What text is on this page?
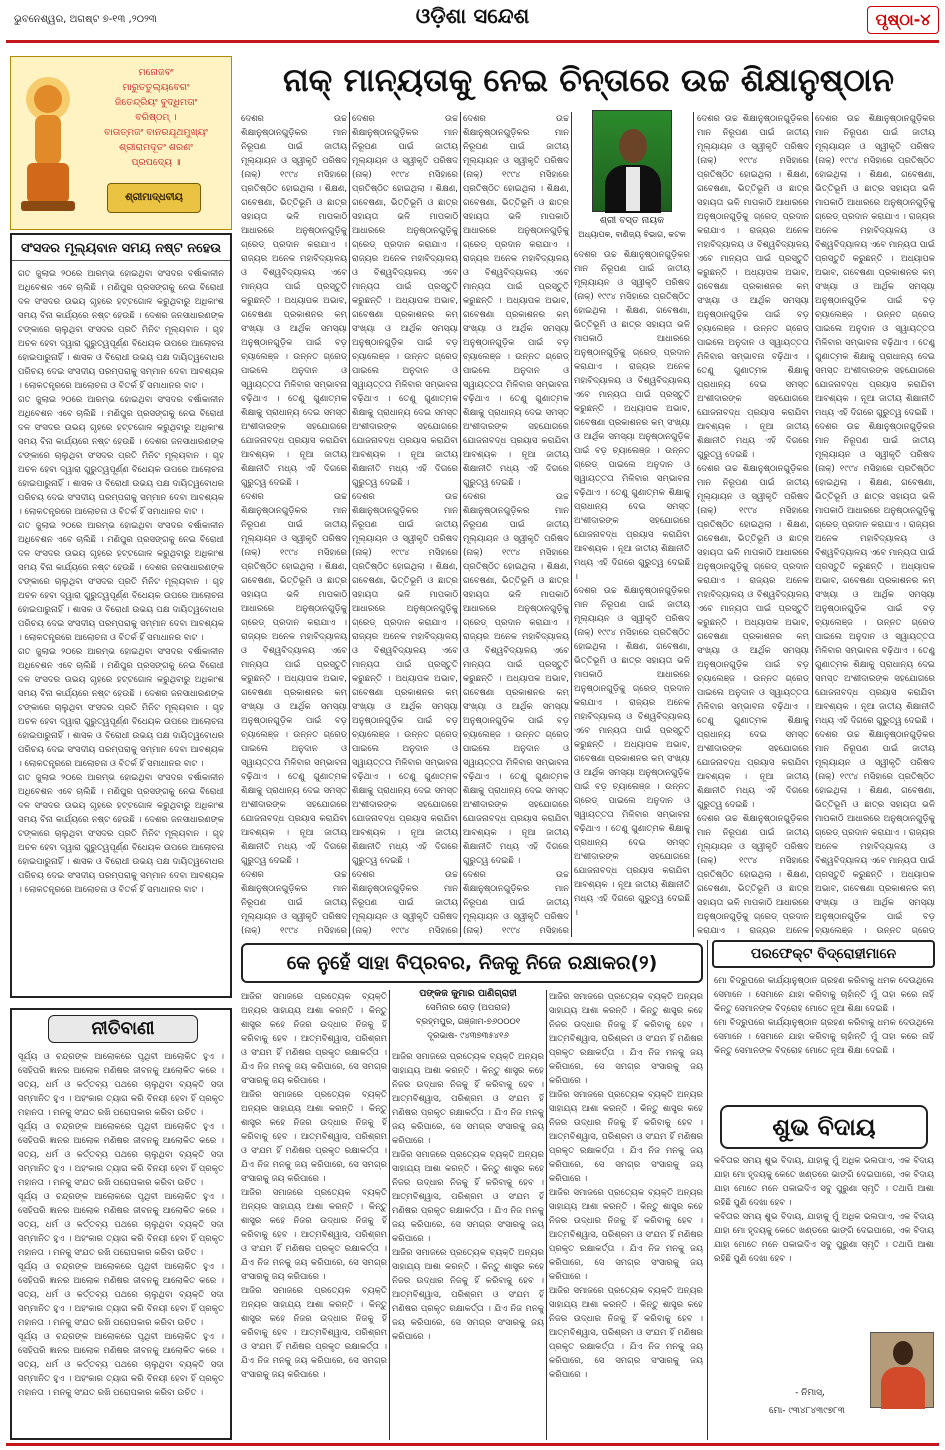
ଭୁବନେଶ୍ୱର, ଅଗଷ୍ଟ ୭-୧୩ ,୨୦୨୩	ଓଡ଼ିଶା ସନ୍ଦେଶ	ପୃଷ୍ଠା-୪
ମନୋଜବଂ
ମାରୁତତୁଲ୍ୟବେଗଂ
ଜିତେନ୍ଦ୍ରିୟଂ ବୁଦ୍ଧିମତାଂ
ବରିଷ୍ଠମ୍ ।
ବାତାତ୍ମଜଂ ବାନରଯୂଥମୁଖ୍ୟଂ
ଶ୍ରୀରାମଦୂତଂ ଶରଣଂ
ପ୍ରପଦ୍ୟେ ॥
ଶ୍ରୀମାଦ୍ଧବୀୟ
ନାକ୍ ମାନ୍ୟତାକୁ ନେଇ ଚିନ୍ତାରେ ଉଚ୍ଚ ଶିକ୍ଷାନୁଷ୍ଠାନ
ସଂସଦର ମୂଲ୍ୟବାନ ସମୟ ନଷ୍ଟ ନହେଉ
ଗତ ଜୁଲାଇ ୨୦ରେ ଆରମ୍ଭ ହୋଇଥିବା ସଂସଦର ବର୍ଷାକାଳୀନ ଅଧିବେଶନ ଏବେ ଚାଲିଛି । ମଣିପୁର ପ୍ରସଙ୍ଗକୁ ନେଇ ବିରୋଧୀ ଦଳ ସଂସଦର ଉଭୟ ଗୃହରେ ହଟ୍ଟଗୋଳ କରୁଥିବାରୁ ଅଧିକାଂଶ ସମୟ ବିନା କାର୍ଯ୍ୟରେ ନଷ୍ଟ ହେଉଛି । ଦେଶର ଜନସାଧାରଣଙ୍କ ଟଙ୍କାରେ ଚାଲୁଥିବା ସଂସଦର ପ୍ରତି ମିନିଟ ମୂଲ୍ୟବାନ । ଗୃହ ଅଚଳ ହେବା ଦ୍ୱାରା ଗୁରୁତ୍ୱପୂର୍ଣ୍ଣ ବିଧେୟକ ଉପରେ ଆଲୋଚନା ହୋଇପାରୁନାହିଁ । ଶାସକ ଓ ବିରୋଧୀ ଉଭୟ ପକ୍ଷ ଦାୟିତ୍ୱବୋଧର ପରିଚୟ ଦେଇ ସଂସଦୀୟ ପରମ୍ପରାକୁ ସମ୍ମାନ ଦେବା ଆବଶ୍ୟକ । ଲୋକତନ୍ତ୍ରରେ ଆଲୋଚନା ଓ ବିତର୍କ ହିଁ ସମାଧାନର ବାଟ ।
ଗତ ଜୁଲାଇ ୨୦ରେ ଆରମ୍ଭ ହୋଇଥିବା ସଂସଦର ବର୍ଷାକାଳୀନ ଅଧିବେଶନ ଏବେ ଚାଲିଛି । ମଣିପୁର ପ୍ରସଙ୍ଗକୁ ନେଇ ବିରୋଧୀ ଦଳ ସଂସଦର ଉଭୟ ଗୃହରେ ହଟ୍ଟଗୋଳ କରୁଥିବାରୁ ଅଧିକାଂଶ ସମୟ ବିନା କାର୍ଯ୍ୟରେ ନଷ୍ଟ ହେଉଛି । ଦେଶର ଜନସାଧାରଣଙ୍କ ଟଙ୍କାରେ ଚାଲୁଥିବା ସଂସଦର ପ୍ରତି ମିନିଟ ମୂଲ୍ୟବାନ । ଗୃହ ଅଚଳ ହେବା ଦ୍ୱାରା ଗୁରୁତ୍ୱପୂର୍ଣ୍ଣ ବିଧେୟକ ଉପରେ ଆଲୋଚନା ହୋଇପାରୁନାହିଁ । ଶାସକ ଓ ବିରୋଧୀ ଉଭୟ ପକ୍ଷ ଦାୟିତ୍ୱବୋଧର ପରିଚୟ ଦେଇ ସଂସଦୀୟ ପରମ୍ପରାକୁ ସମ୍ମାନ ଦେବା ଆବଶ୍ୟକ । ଲୋକତନ୍ତ୍ରରେ ଆଲୋଚନା ଓ ବିତର୍କ ହିଁ ସମାଧାନର ବାଟ ।
ଗତ ଜୁଲାଇ ୨୦ରେ ଆରମ୍ଭ ହୋଇଥିବା ସଂସଦର ବର୍ଷାକାଳୀନ ଅଧିବେଶନ ଏବେ ଚାଲିଛି । ମଣିପୁର ପ୍ରସଙ୍ଗକୁ ନେଇ ବିରୋଧୀ ଦଳ ସଂସଦର ଉଭୟ ଗୃହରେ ହଟ୍ଟଗୋଳ କରୁଥିବାରୁ ଅଧିକାଂଶ ସମୟ ବିନା କାର୍ଯ୍ୟରେ ନଷ୍ଟ ହେଉଛି । ଦେଶର ଜନସାଧାରଣଙ୍କ ଟଙ୍କାରେ ଚାଲୁଥିବା ସଂସଦର ପ୍ରତି ମିନିଟ ମୂଲ୍ୟବାନ । ଗୃହ ଅଚଳ ହେବା ଦ୍ୱାରା ଗୁରୁତ୍ୱପୂର୍ଣ୍ଣ ବିଧେୟକ ଉପରେ ଆଲୋଚନା ହୋଇପାରୁନାହିଁ । ଶାସକ ଓ ବିରୋଧୀ ଉଭୟ ପକ୍ଷ ଦାୟିତ୍ୱବୋଧର ପରିଚୟ ଦେଇ ସଂସଦୀୟ ପରମ୍ପରାକୁ ସମ୍ମାନ ଦେବା ଆବଶ୍ୟକ । ଲୋକତନ୍ତ୍ରରେ ଆଲୋଚନା ଓ ବିତର୍କ ହିଁ ସମାଧାନର ବାଟ ।
ଗତ ଜୁଲାଇ ୨୦ରେ ଆରମ୍ଭ ହୋଇଥିବା ସଂସଦର ବର୍ଷାକାଳୀନ ଅଧିବେଶନ ଏବେ ଚାଲିଛି । ମଣିପୁର ପ୍ରସଙ୍ଗକୁ ନେଇ ବିରୋଧୀ ଦଳ ସଂସଦର ଉଭୟ ଗୃହରେ ହଟ୍ଟଗୋଳ କରୁଥିବାରୁ ଅଧିକାଂଶ ସମୟ ବିନା କାର୍ଯ୍ୟରେ ନଷ୍ଟ ହେଉଛି । ଦେଶର ଜନସାଧାରଣଙ୍କ ଟଙ୍କାରେ ଚାଲୁଥିବା ସଂସଦର ପ୍ରତି ମିନିଟ ମୂଲ୍ୟବାନ । ଗୃହ ଅଚଳ ହେବା ଦ୍ୱାରା ଗୁରୁତ୍ୱପୂର୍ଣ୍ଣ ବିଧେୟକ ଉପରେ ଆଲୋଚନା ହୋଇପାରୁନାହିଁ । ଶାସକ ଓ ବିରୋଧୀ ଉଭୟ ପକ୍ଷ ଦାୟିତ୍ୱବୋଧର ପରିଚୟ ଦେଇ ସଂସଦୀୟ ପରମ୍ପରାକୁ ସମ୍ମାନ ଦେବା ଆବଶ୍ୟକ । ଲୋକତନ୍ତ୍ରରେ ଆଲୋଚନା ଓ ବିତର୍କ ହିଁ ସମାଧାନର ବାଟ ।
ଗତ ଜୁଲାଇ ୨୦ରେ ଆରମ୍ଭ ହୋଇଥିବା ସଂସଦର ବର୍ଷାକାଳୀନ ଅଧିବେଶନ ଏବେ ଚାଲିଛି । ମଣିପୁର ପ୍ରସଙ୍ଗକୁ ନେଇ ବିରୋଧୀ ଦଳ ସଂସଦର ଉଭୟ ଗୃହରେ ହଟ୍ଟଗୋଳ କରୁଥିବାରୁ ଅଧିକାଂଶ ସମୟ ବିନା କାର୍ଯ୍ୟରେ ନଷ୍ଟ ହେଉଛି । ଦେଶର ଜନସାଧାରଣଙ୍କ ଟଙ୍କାରେ ଚାଲୁଥିବା ସଂସଦର ପ୍ରତି ମିନିଟ ମୂଲ୍ୟବାନ । ଗୃହ ଅଚଳ ହେବା ଦ୍ୱାରା ଗୁରୁତ୍ୱପୂର୍ଣ୍ଣ ବିଧେୟକ ଉପରେ ଆଲୋଚନା ହୋଇପାରୁନାହିଁ । ଶାସକ ଓ ବିରୋଧୀ ଉଭୟ ପକ୍ଷ ଦାୟିତ୍ୱବୋଧର ପରିଚୟ ଦେଇ ସଂସଦୀୟ ପରମ୍ପରାକୁ ସମ୍ମାନ ଦେବା ଆବଶ୍ୟକ । ଲୋକତନ୍ତ୍ରରେ ଆଲୋଚନା ଓ ବିତର୍କ ହିଁ ସମାଧାନର ବାଟ ।
ଦେଶର ଉଚ୍ଚ ଶିକ୍ଷାନୁଷ୍ଠାନଗୁଡ଼ିକର ମାନ ନିରୂପଣ ପାଇଁ ଜାତୀୟ ମୂଲ୍ୟାୟନ ଓ ସ୍ୱୀକୃତି ପରିଷଦ (ନାକ୍) ୧୯୯୪ ମସିହାରେ ପ୍ରତିଷ୍ଠିତ ହୋଇଥିଲା । ଶିକ୍ଷଣ, ଗବେଷଣା, ଭିତ୍ତିଭୂମି ଓ ଛାତ୍ର ସହାୟତା ଭଳି ମାପକାଠି ଆଧାରରେ ଅନୁଷ୍ଠାନଗୁଡ଼ିକୁ ଗ୍ରେଡ୍ ପ୍ରଦାନ କରାଯାଏ । ରାଜ୍ୟର ଅନେକ ମହାବିଦ୍ୟାଳୟ ଓ ବିଶ୍ୱବିଦ୍ୟାଳୟ ଏବେ ମାନ୍ୟତା ପାଇଁ ପ୍ରସ୍ତୁତି କରୁଛନ୍ତି । ଅଧ୍ୟାପକ ଅଭାବ, ଗବେଷଣା ପ୍ରକାଶନର କମ୍ ସଂଖ୍ୟା ଓ ଆର୍ଥିକ ସମସ୍ୟା ଅନୁଷ୍ଠାନଗୁଡ଼ିକ ପାଇଁ ବଡ଼ ଚ୍ୟାଲେଞ୍ଜ । ଉନ୍ନତ ଗ୍ରେଡ୍ ପାଇଲେ ଅନୁଦାନ ଓ ସ୍ୱାୟତ୍ତତା ମିଳିବାର ସମ୍ଭାବନା ବଢ଼ିଥାଏ । ତେଣୁ ଗୁଣାତ୍ମକ ଶିକ୍ଷାକୁ ପ୍ରାଧାନ୍ୟ ଦେଇ ସମସ୍ତ ଅଂଶୀଦାରଙ୍କ ସହଯୋଗରେ ଯୋଜନାବଦ୍ଧ ପ୍ରୟାସ କରାଯିବା ଆବଶ୍ୟକ । ନୂଆ ଜାତୀୟ ଶିକ୍ଷାନୀତି ମଧ୍ୟ ଏହି ଦିଗରେ ଗୁରୁତ୍ୱ ଦେଇଛି ।
ଦେଶର ଉଚ୍ଚ ଶିକ୍ଷାନୁଷ୍ଠାନଗୁଡ଼ିକର ମାନ ନିରୂପଣ ପାଇଁ ଜାତୀୟ ମୂଲ୍ୟାୟନ ଓ ସ୍ୱୀକୃତି ପରିଷଦ (ନାକ୍) ୧୯୯୪ ମସିହାରେ ପ୍ରତିଷ୍ଠିତ ହୋଇଥିଲା । ଶିକ୍ଷଣ, ଗବେଷଣା, ଭିତ୍ତିଭୂମି ଓ ଛାତ୍ର ସହାୟତା ଭଳି ମାପକାଠି ଆଧାରରେ ଅନୁଷ୍ଠାନଗୁଡ଼ିକୁ ଗ୍ରେଡ୍ ପ୍ରଦାନ କରାଯାଏ । ରାଜ୍ୟର ଅନେକ ମହାବିଦ୍ୟାଳୟ ଓ ବିଶ୍ୱବିଦ୍ୟାଳୟ ଏବେ ମାନ୍ୟତା ପାଇଁ ପ୍ରସ୍ତୁତି କରୁଛନ୍ତି । ଅଧ୍ୟାପକ ଅଭାବ, ଗବେଷଣା ପ୍ରକାଶନର କମ୍ ସଂଖ୍ୟା ଓ ଆର୍ଥିକ ସମସ୍ୟା ଅନୁଷ୍ଠାନଗୁଡ଼ିକ ପାଇଁ ବଡ଼ ଚ୍ୟାଲେଞ୍ଜ । ଉନ୍ନତ ଗ୍ରେଡ୍ ପାଇଲେ ଅନୁଦାନ ଓ ସ୍ୱାୟତ୍ତତା ମିଳିବାର ସମ୍ଭାବନା ବଢ଼ିଥାଏ । ତେଣୁ ଗୁଣାତ୍ମକ ଶିକ୍ଷାକୁ ପ୍ରାଧାନ୍ୟ ଦେଇ ସମସ୍ତ ଅଂଶୀଦାରଙ୍କ ସହଯୋଗରେ ଯୋଜନାବଦ୍ଧ ପ୍ରୟାସ କରାଯିବା ଆବଶ୍ୟକ । ନୂଆ ଜାତୀୟ ଶିକ୍ଷାନୀତି ମଧ୍ୟ ଏହି ଦିଗରେ ଗୁରୁତ୍ୱ ଦେଇଛି ।
ଦେଶର ଉଚ୍ଚ ଶିକ୍ଷାନୁଷ୍ଠାନଗୁଡ଼ିକର ମାନ ନିରୂପଣ ପାଇଁ ଜାତୀୟ ମୂଲ୍ୟାୟନ ଓ ସ୍ୱୀକୃତି ପରିଷଦ (ନାକ୍) ୧୯୯୪ ମସିହାରେ
ଦେଶର ଉଚ୍ଚ ଶିକ୍ଷାନୁଷ୍ଠାନଗୁଡ଼ିକର ମାନ ନିରୂପଣ ପାଇଁ ଜାତୀୟ ମୂଲ୍ୟାୟନ ଓ ସ୍ୱୀକୃତି ପରିଷଦ (ନାକ୍) ୧୯୯୪ ମସିହାରେ ପ୍ରତିଷ୍ଠିତ ହୋଇଥିଲା । ଶିକ୍ଷଣ, ଗବେଷଣା, ଭିତ୍ତିଭୂମି ଓ ଛାତ୍ର ସହାୟତା ଭଳି ମାପକାଠି ଆଧାରରେ ଅନୁଷ୍ଠାନଗୁଡ଼ିକୁ ଗ୍ରେଡ୍ ପ୍ରଦାନ କରାଯାଏ । ରାଜ୍ୟର ଅନେକ ମହାବିଦ୍ୟାଳୟ ଓ ବିଶ୍ୱବିଦ୍ୟାଳୟ ଏବେ ମାନ୍ୟତା ପାଇଁ ପ୍ରସ୍ତୁତି କରୁଛନ୍ତି । ଅଧ୍ୟାପକ ଅଭାବ, ଗବେଷଣା ପ୍ରକାଶନର କମ୍ ସଂଖ୍ୟା ଓ ଆର୍ଥିକ ସମସ୍ୟା ଅନୁଷ୍ଠାନଗୁଡ଼ିକ ପାଇଁ ବଡ଼ ଚ୍ୟାଲେଞ୍ଜ । ଉନ୍ନତ ଗ୍ରେଡ୍ ପାଇଲେ ଅନୁଦାନ ଓ ସ୍ୱାୟତ୍ତତା ମିଳିବାର ସମ୍ଭାବନା ବଢ଼ିଥାଏ । ତେଣୁ ଗୁଣାତ୍ମକ ଶିକ୍ଷାକୁ ପ୍ରାଧାନ୍ୟ ଦେଇ ସମସ୍ତ ଅଂଶୀଦାରଙ୍କ ସହଯୋଗରେ ଯୋଜନାବଦ୍ଧ ପ୍ରୟାସ କରାଯିବା ଆବଶ୍ୟକ । ନୂଆ ଜାତୀୟ ଶିକ୍ଷାନୀତି ମଧ୍ୟ ଏହି ଦିଗରେ ଗୁରୁତ୍ୱ ଦେଇଛି ।
ଦେଶର ଉଚ୍ଚ ଶିକ୍ଷାନୁଷ୍ଠାନଗୁଡ଼ିକର ମାନ ନିରୂପଣ ପାଇଁ ଜାତୀୟ ମୂଲ୍ୟାୟନ ଓ ସ୍ୱୀକୃତି ପରିଷଦ (ନାକ୍) ୧୯୯୪ ମସିହାରେ ପ୍ରତିଷ୍ଠିତ ହୋଇଥିଲା । ଶିକ୍ଷଣ, ଗବେଷଣା, ଭିତ୍ତିଭୂମି ଓ ଛାତ୍ର ସହାୟତା ଭଳି ମାପକାଠି ଆଧାରରେ ଅନୁଷ୍ଠାନଗୁଡ଼ିକୁ ଗ୍ରେଡ୍ ପ୍ରଦାନ କରାଯାଏ । ରାଜ୍ୟର ଅନେକ ମହାବିଦ୍ୟାଳୟ ଓ ବିଶ୍ୱବିଦ୍ୟାଳୟ ଏବେ ମାନ୍ୟତା ପାଇଁ ପ୍ରସ୍ତୁତି କରୁଛନ୍ତି । ଅଧ୍ୟାପକ ଅଭାବ, ଗବେଷଣା ପ୍ରକାଶନର କମ୍ ସଂଖ୍ୟା ଓ ଆର୍ଥିକ ସମସ୍ୟା ଅନୁଷ୍ଠାନଗୁଡ଼ିକ ପାଇଁ ବଡ଼ ଚ୍ୟାଲେଞ୍ଜ । ଉନ୍ନତ ଗ୍ରେଡ୍ ପାଇଲେ ଅନୁଦାନ ଓ ସ୍ୱାୟତ୍ତତା ମିଳିବାର ସମ୍ଭାବନା ବଢ଼ିଥାଏ । ତେଣୁ ଗୁଣାତ୍ମକ ଶିକ୍ଷାକୁ ପ୍ରାଧାନ୍ୟ ଦେଇ ସମସ୍ତ ଅଂଶୀଦାରଙ୍କ ସହଯୋଗରେ ଯୋଜନାବଦ୍ଧ ପ୍ରୟାସ କରାଯିବା ଆବଶ୍ୟକ । ନୂଆ ଜାତୀୟ ଶିକ୍ଷାନୀତି ମଧ୍ୟ ଏହି ଦିଗରେ ଗୁରୁତ୍ୱ ଦେଇଛି ।
ଦେଶର ଉଚ୍ଚ ଶିକ୍ଷାନୁଷ୍ଠାନଗୁଡ଼ିକର ମାନ ନିରୂପଣ ପାଇଁ ଜାତୀୟ ମୂଲ୍ୟାୟନ ଓ ସ୍ୱୀକୃତି ପରିଷଦ (ନାକ୍) ୧୯୯୪ ମସିହାରେ
ଦେଶର ଉଚ୍ଚ ଶିକ୍ଷାନୁଷ୍ଠାନଗୁଡ଼ିକର ମାନ ନିରୂପଣ ପାଇଁ ଜାତୀୟ ମୂଲ୍ୟାୟନ ଓ ସ୍ୱୀକୃତି ପରିଷଦ (ନାକ୍) ୧୯୯୪ ମସିହାରେ ପ୍ରତିଷ୍ଠିତ ହୋଇଥିଲା । ଶିକ୍ଷଣ, ଗବେଷଣା, ଭିତ୍ତିଭୂମି ଓ ଛାତ୍ର ସହାୟତା ଭଳି ମାପକାଠି ଆଧାରରେ ଅନୁଷ୍ଠାନଗୁଡ଼ିକୁ ଗ୍ରେଡ୍ ପ୍ରଦାନ କରାଯାଏ । ରାଜ୍ୟର ଅନେକ ମହାବିଦ୍ୟାଳୟ ଓ ବିଶ୍ୱବିଦ୍ୟାଳୟ ଏବେ ମାନ୍ୟତା ପାଇଁ ପ୍ରସ୍ତୁତି କରୁଛନ୍ତି । ଅଧ୍ୟାପକ ଅଭାବ, ଗବେଷଣା ପ୍ରକାଶନର କମ୍ ସଂଖ୍ୟା ଓ ଆର୍ଥିକ ସମସ୍ୟା ଅନୁଷ୍ଠାନଗୁଡ଼ିକ ପାଇଁ ବଡ଼ ଚ୍ୟାଲେଞ୍ଜ । ଉନ୍ନତ ଗ୍ରେଡ୍ ପାଇଲେ ଅନୁଦାନ ଓ ସ୍ୱାୟତ୍ତତା ମିଳିବାର ସମ୍ଭାବନା ବଢ଼ିଥାଏ । ତେଣୁ ଗୁଣାତ୍ମକ ଶିକ୍ଷାକୁ ପ୍ରାଧାନ୍ୟ ଦେଇ ସମସ୍ତ ଅଂଶୀଦାରଙ୍କ ସହଯୋଗରେ ଯୋଜନାବଦ୍ଧ ପ୍ରୟାସ କରାଯିବା ଆବଶ୍ୟକ । ନୂଆ ଜାତୀୟ ଶିକ୍ଷାନୀତି ମଧ୍ୟ ଏହି ଦିଗରେ ଗୁରୁତ୍ୱ ଦେଇଛି ।
ଦେଶର ଉଚ୍ଚ ଶିକ୍ଷାନୁଷ୍ଠାନଗୁଡ଼ିକର ମାନ ନିରୂପଣ ପାଇଁ ଜାତୀୟ ମୂଲ୍ୟାୟନ ଓ ସ୍ୱୀକୃତି ପରିଷଦ (ନାକ୍) ୧୯୯୪ ମସିହାରେ ପ୍ରତିଷ୍ଠିତ ହୋଇଥିଲା । ଶିକ୍ଷଣ, ଗବେଷଣା, ଭିତ୍ତିଭୂମି ଓ ଛାତ୍ର ସହାୟତା ଭଳି ମାପକାଠି ଆଧାରରେ ଅନୁଷ୍ଠାନଗୁଡ଼ିକୁ ଗ୍ରେଡ୍ ପ୍ରଦାନ କରାଯାଏ । ରାଜ୍ୟର ଅନେକ ମହାବିଦ୍ୟାଳୟ ଓ ବିଶ୍ୱବିଦ୍ୟାଳୟ ଏବେ ମାନ୍ୟତା ପାଇଁ ପ୍ରସ୍ତୁତି କରୁଛନ୍ତି । ଅଧ୍ୟାପକ ଅଭାବ, ଗବେଷଣା ପ୍ରକାଶନର କମ୍ ସଂଖ୍ୟା ଓ ଆର୍ଥିକ ସମସ୍ୟା ଅନୁଷ୍ଠାନଗୁଡ଼ିକ ପାଇଁ ବଡ଼ ଚ୍ୟାଲେଞ୍ଜ । ଉନ୍ନତ ଗ୍ରେଡ୍ ପାଇଲେ ଅନୁଦାନ ଓ ସ୍ୱାୟତ୍ତତା ମିଳିବାର ସମ୍ଭାବନା ବଢ଼ିଥାଏ । ତେଣୁ ଗୁଣାତ୍ମକ ଶିକ୍ଷାକୁ ପ୍ରାଧାନ୍ୟ ଦେଇ ସମସ୍ତ ଅଂଶୀଦାରଙ୍କ ସହଯୋଗରେ ଯୋଜନାବଦ୍ଧ ପ୍ରୟାସ କରାଯିବା ଆବଶ୍ୟକ । ନୂଆ ଜାତୀୟ ଶିକ୍ଷାନୀତି ମଧ୍ୟ ଏହି ଦିଗରେ ଗୁରୁତ୍ୱ ଦେଇଛି ।
ଦେଶର ଉଚ୍ଚ ଶିକ୍ଷାନୁଷ୍ଠାନଗୁଡ଼ିକର ମାନ ନିରୂପଣ ପାଇଁ ଜାତୀୟ ମୂଲ୍ୟାୟନ ଓ ସ୍ୱୀକୃତି ପରିଷଦ (ନାକ୍) ୧୯୯୪ ମସିହାରେ
ଶ୍ରୀ ବସ୍ତ ନାୟକ
ଅଧ୍ୟାପକ, ବାଣିଜ୍ୟ ବିଭାଗ, କଟକ
ଦେଶର ଉଚ୍ଚ ଶିକ୍ଷାନୁଷ୍ଠାନଗୁଡ଼ିକର ମାନ ନିରୂପଣ ପାଇଁ ଜାତୀୟ ମୂଲ୍ୟାୟନ ଓ ସ୍ୱୀକୃତି ପରିଷଦ (ନାକ୍) ୧୯୯୪ ମସିହାରେ ପ୍ରତିଷ୍ଠିତ ହୋଇଥିଲା । ଶିକ୍ଷଣ, ଗବେଷଣା, ଭିତ୍ତିଭୂମି ଓ ଛାତ୍ର ସହାୟତା ଭଳି ମାପକାଠି ଆଧାରରେ ଅନୁଷ୍ଠାନଗୁଡ଼ିକୁ ଗ୍ରେଡ୍ ପ୍ରଦାନ କରାଯାଏ । ରାଜ୍ୟର ଅନେକ ମହାବିଦ୍ୟାଳୟ ଓ ବିଶ୍ୱବିଦ୍ୟାଳୟ ଏବେ ମାନ୍ୟତା ପାଇଁ ପ୍ରସ୍ତୁତି କରୁଛନ୍ତି । ଅଧ୍ୟାପକ ଅଭାବ, ଗବେଷଣା ପ୍ରକାଶନର କମ୍ ସଂଖ୍ୟା ଓ ଆର୍ଥିକ ସମସ୍ୟା ଅନୁଷ୍ଠାନଗୁଡ଼ିକ ପାଇଁ ବଡ଼ ଚ୍ୟାଲେଞ୍ଜ । ଉନ୍ନତ ଗ୍ରେଡ୍ ପାଇଲେ ଅନୁଦାନ ଓ ସ୍ୱାୟତ୍ତତା ମିଳିବାର ସମ୍ଭାବନା ବଢ଼ିଥାଏ । ତେଣୁ ଗୁଣାତ୍ମକ ଶିକ୍ଷାକୁ ପ୍ରାଧାନ୍ୟ ଦେଇ ସମସ୍ତ ଅଂଶୀଦାରଙ୍କ ସହଯୋଗରେ ଯୋଜନାବଦ୍ଧ ପ୍ରୟାସ କରାଯିବା ଆବଶ୍ୟକ । ନୂଆ ଜାତୀୟ ଶିକ୍ଷାନୀତି ମଧ୍ୟ ଏହି ଦିଗରେ ଗୁରୁତ୍ୱ ଦେଇଛି ।
ଦେଶର ଉଚ୍ଚ ଶିକ୍ଷାନୁଷ୍ଠାନଗୁଡ଼ିକର ମାନ ନିରୂପଣ ପାଇଁ ଜାତୀୟ ମୂଲ୍ୟାୟନ ଓ ସ୍ୱୀକୃତି ପରିଷଦ (ନାକ୍) ୧୯୯୪ ମସିହାରେ ପ୍ରତିଷ୍ଠିତ ହୋଇଥିଲା । ଶିକ୍ଷଣ, ଗବେଷଣା, ଭିତ୍ତିଭୂମି ଓ ଛାତ୍ର ସହାୟତା ଭଳି ମାପକାଠି ଆଧାରରେ ଅନୁଷ୍ଠାନଗୁଡ଼ିକୁ ଗ୍ରେଡ୍ ପ୍ରଦାନ କରାଯାଏ । ରାଜ୍ୟର ଅନେକ ମହାବିଦ୍ୟାଳୟ ଓ ବିଶ୍ୱବିଦ୍ୟାଳୟ ଏବେ ମାନ୍ୟତା ପାଇଁ ପ୍ରସ୍ତୁତି କରୁଛନ୍ତି । ଅଧ୍ୟାପକ ଅଭାବ, ଗବେଷଣା ପ୍ରକାଶନର କମ୍ ସଂଖ୍ୟା ଓ ଆର୍ଥିକ ସମସ୍ୟା ଅନୁଷ୍ଠାନଗୁଡ଼ିକ ପାଇଁ ବଡ଼ ଚ୍ୟାଲେଞ୍ଜ । ଉନ୍ନତ ଗ୍ରେଡ୍ ପାଇଲେ ଅନୁଦାନ ଓ ସ୍ୱାୟତ୍ତତା ମିଳିବାର ସମ୍ଭାବନା ବଢ଼ିଥାଏ । ତେଣୁ ଗୁଣାତ୍ମକ ଶିକ୍ଷାକୁ ପ୍ରାଧାନ୍ୟ ଦେଇ ସମସ୍ତ ଅଂଶୀଦାରଙ୍କ ସହଯୋଗରେ ଯୋଜନାବଦ୍ଧ ପ୍ରୟାସ କରାଯିବା ଆବଶ୍ୟକ । ନୂଆ ଜାତୀୟ ଶିକ୍ଷାନୀତି ମଧ୍ୟ ଏହି ଦିଗରେ ଗୁରୁତ୍ୱ ଦେଇଛି ।
ଦେଶର ଉଚ୍ଚ ଶିକ୍ଷାନୁଷ୍ଠାନଗୁଡ଼ିକର ମାନ ନିରୂପଣ ପାଇଁ ଜାତୀୟ ମୂଲ୍ୟାୟନ ଓ ସ୍ୱୀକୃତି ପରିଷଦ (ନାକ୍) ୧୯୯୪ ମସିହାରେ ପ୍ରତିଷ୍ଠିତ ହୋଇଥିଲା । ଶିକ୍ଷଣ, ଗବେଷଣା, ଭିତ୍ତିଭୂମି ଓ ଛାତ୍ର ସହାୟତା ଭଳି ମାପକାଠି ଆଧାରରେ ଅନୁଷ୍ଠାନଗୁଡ଼ିକୁ ଗ୍ରେଡ୍ ପ୍ରଦାନ କରାଯାଏ । ରାଜ୍ୟର ଅନେକ ମହାବିଦ୍ୟାଳୟ ଓ ବିଶ୍ୱବିଦ୍ୟାଳୟ ଏବେ ମାନ୍ୟତା ପାଇଁ ପ୍ରସ୍ତୁତି କରୁଛନ୍ତି । ଅଧ୍ୟାପକ ଅଭାବ, ଗବେଷଣା ପ୍ରକାଶନର କମ୍ ସଂଖ୍ୟା ଓ ଆର୍ଥିକ ସମସ୍ୟା ଅନୁଷ୍ଠାନଗୁଡ଼ିକ ପାଇଁ ବଡ଼ ଚ୍ୟାଲେଞ୍ଜ । ଉନ୍ନତ ଗ୍ରେଡ୍ ପାଇଲେ ଅନୁଦାନ ଓ ସ୍ୱାୟତ୍ତତା ମିଳିବାର ସମ୍ଭାବନା ବଢ଼ିଥାଏ । ତେଣୁ ଗୁଣାତ୍ମକ ଶିକ୍ଷାକୁ ପ୍ରାଧାନ୍ୟ ଦେଇ ସମସ୍ତ ଅଂଶୀଦାରଙ୍କ ସହଯୋଗରେ ଯୋଜନାବଦ୍ଧ ପ୍ରୟାସ କରାଯିବା ଆବଶ୍ୟକ । ନୂଆ ଜାତୀୟ ଶିକ୍ଷାନୀତି ମଧ୍ୟ ଏହି ଦିଗରେ ଗୁରୁତ୍ୱ ଦେଇଛି ।
ଦେଶର ଉଚ୍ଚ ଶିକ୍ଷାନୁଷ୍ଠାନଗୁଡ଼ିକର ମାନ ନିରୂପଣ ପାଇଁ ଜାତୀୟ ମୂଲ୍ୟାୟନ ଓ ସ୍ୱୀକୃତି ପରିଷଦ (ନାକ୍) ୧୯୯୪ ମସିହାରେ ପ୍ରତିଷ୍ଠିତ ହୋଇଥିଲା । ଶିକ୍ଷଣ, ଗବେଷଣା, ଭିତ୍ତିଭୂମି ଓ ଛାତ୍ର ସହାୟତା ଭଳି ମାପକାଠି ଆଧାରରେ ଅନୁଷ୍ଠାନଗୁଡ଼ିକୁ ଗ୍ରେଡ୍ ପ୍ରଦାନ କରାଯାଏ । ରାଜ୍ୟର ଅନେକ ମହାବିଦ୍ୟାଳୟ ଓ ବିଶ୍ୱବିଦ୍ୟାଳୟ ଏବେ ମାନ୍ୟତା ପାଇଁ ପ୍ରସ୍ତୁତି କରୁଛନ୍ତି । ଅଧ୍ୟାପକ ଅଭାବ, ଗବେଷଣା ପ୍ରକାଶନର କମ୍ ସଂଖ୍ୟା ଓ ଆର୍ଥିକ ସମସ୍ୟା ଅନୁଷ୍ଠାନଗୁଡ଼ିକ ପାଇଁ ବଡ଼ ଚ୍ୟାଲେଞ୍ଜ । ଉନ୍ନତ ଗ୍ରେଡ୍ ପାଇଲେ ଅନୁଦାନ ଓ ସ୍ୱାୟତ୍ତତା ମିଳିବାର ସମ୍ଭାବନା ବଢ଼ିଥାଏ । ତେଣୁ ଗୁଣାତ୍ମକ ଶିକ୍ଷାକୁ ପ୍ରାଧାନ୍ୟ ଦେଇ ସମସ୍ତ ଅଂଶୀଦାରଙ୍କ ସହଯୋଗରେ ଯୋଜନାବଦ୍ଧ ପ୍ରୟାସ କରାଯିବା ଆବଶ୍ୟକ । ନୂଆ ଜାତୀୟ ଶିକ୍ଷାନୀତି ମଧ୍ୟ ଏହି ଦିଗରେ ଗୁରୁତ୍ୱ ଦେଇଛି ।
ଦେଶର ଉଚ୍ଚ ଶିକ୍ଷାନୁଷ୍ଠାନଗୁଡ଼ିକର ମାନ ନିରୂପଣ ପାଇଁ ଜାତୀୟ ମୂଲ୍ୟାୟନ ଓ ସ୍ୱୀକୃତି ପରିଷଦ (ନାକ୍) ୧୯୯୪ ମସିହାରେ ପ୍ରତିଷ୍ଠିତ ହୋଇଥିଲା । ଶିକ୍ଷଣ, ଗବେଷଣା, ଭିତ୍ତିଭୂମି ଓ ଛାତ୍ର ସହାୟତା ଭଳି ମାପକାଠି ଆଧାରରେ ଅନୁଷ୍ଠାନଗୁଡ଼ିକୁ ଗ୍ରେଡ୍ ପ୍ରଦାନ କରାଯାଏ । ରାଜ୍ୟର ଅନେକ
ଦେଶର ଉଚ୍ଚ ଶିକ୍ଷାନୁଷ୍ଠାନଗୁଡ଼ିକର ମାନ ନିରୂପଣ ପାଇଁ ଜାତୀୟ ମୂଲ୍ୟାୟନ ଓ ସ୍ୱୀକୃତି ପରିଷଦ (ନାକ୍) ୧୯୯୪ ମସିହାରେ ପ୍ରତିଷ୍ଠିତ ହୋଇଥିଲା । ଶିକ୍ଷଣ, ଗବେଷଣା, ଭିତ୍ତିଭୂମି ଓ ଛାତ୍ର ସହାୟତା ଭଳି ମାପକାଠି ଆଧାରରେ ଅନୁଷ୍ଠାନଗୁଡ଼ିକୁ ଗ୍ରେଡ୍ ପ୍ରଦାନ କରାଯାଏ । ରାଜ୍ୟର ଅନେକ ମହାବିଦ୍ୟାଳୟ ଓ ବିଶ୍ୱବିଦ୍ୟାଳୟ ଏବେ ମାନ୍ୟତା ପାଇଁ ପ୍ରସ୍ତୁତି କରୁଛନ୍ତି । ଅଧ୍ୟାପକ ଅଭାବ, ଗବେଷଣା ପ୍ରକାଶନର କମ୍ ସଂଖ୍ୟା ଓ ଆର୍ଥିକ ସମସ୍ୟା ଅନୁଷ୍ଠାନଗୁଡ଼ିକ ପାଇଁ ବଡ଼ ଚ୍ୟାଲେଞ୍ଜ । ଉନ୍ନତ ଗ୍ରେଡ୍ ପାଇଲେ ଅନୁଦାନ ଓ ସ୍ୱାୟତ୍ତତା ମିଳିବାର ସମ୍ଭାବନା ବଢ଼ିଥାଏ । ତେଣୁ ଗୁଣାତ୍ମକ ଶିକ୍ଷାକୁ ପ୍ରାଧାନ୍ୟ ଦେଇ ସମସ୍ତ ଅଂଶୀଦାରଙ୍କ ସହଯୋଗରେ ଯୋଜନାବଦ୍ଧ ପ୍ରୟାସ କରାଯିବା ଆବଶ୍ୟକ । ନୂଆ ଜାତୀୟ ଶିକ୍ଷାନୀତି ମଧ୍ୟ ଏହି ଦିଗରେ ଗୁରୁତ୍ୱ ଦେଇଛି ।
ଦେଶର ଉଚ୍ଚ ଶିକ୍ଷାନୁଷ୍ଠାନଗୁଡ଼ିକର ମାନ ନିରୂପଣ ପାଇଁ ଜାତୀୟ ମୂଲ୍ୟାୟନ ଓ ସ୍ୱୀକୃତି ପରିଷଦ (ନାକ୍) ୧୯୯୪ ମସିହାରେ ପ୍ରତିଷ୍ଠିତ ହୋଇଥିଲା । ଶିକ୍ଷଣ, ଗବେଷଣା, ଭିତ୍ତିଭୂମି ଓ ଛାତ୍ର ସହାୟତା ଭଳି ମାପକାଠି ଆଧାରରେ ଅନୁଷ୍ଠାନଗୁଡ଼ିକୁ ଗ୍ରେଡ୍ ପ୍ରଦାନ କରାଯାଏ । ରାଜ୍ୟର ଅନେକ ମହାବିଦ୍ୟାଳୟ ଓ ବିଶ୍ୱବିଦ୍ୟାଳୟ ଏବେ ମାନ୍ୟତା ପାଇଁ ପ୍ରସ୍ତୁତି କରୁଛନ୍ତି । ଅଧ୍ୟାପକ ଅଭାବ, ଗବେଷଣା ପ୍ରକାଶନର କମ୍ ସଂଖ୍ୟା ଓ ଆର୍ଥିକ ସମସ୍ୟା ଅନୁଷ୍ଠାନଗୁଡ଼ିକ ପାଇଁ ବଡ଼ ଚ୍ୟାଲେଞ୍ଜ । ଉନ୍ନତ ଗ୍ରେଡ୍ ପାଇଲେ ଅନୁଦାନ ଓ ସ୍ୱାୟତ୍ତତା ମିଳିବାର ସମ୍ଭାବନା ବଢ଼ିଥାଏ । ତେଣୁ ଗୁଣାତ୍ମକ ଶିକ୍ଷାକୁ ପ୍ରାଧାନ୍ୟ ଦେଇ ସମସ୍ତ ଅଂଶୀଦାରଙ୍କ ସହଯୋଗରେ ଯୋଜନାବଦ୍ଧ ପ୍ରୟାସ କରାଯିବା ଆବଶ୍ୟକ । ନୂଆ ଜାତୀୟ ଶିକ୍ଷାନୀତି ମଧ୍ୟ ଏହି ଦିଗରେ ଗୁରୁତ୍ୱ ଦେଇଛି ।
ଦେଶର ଉଚ୍ଚ ଶିକ୍ଷାନୁଷ୍ଠାନଗୁଡ଼ିକର ମାନ ନିରୂପଣ ପାଇଁ ଜାତୀୟ ମୂଲ୍ୟାୟନ ଓ ସ୍ୱୀକୃତି ପରିଷଦ (ନାକ୍) ୧୯୯୪ ମସିହାରେ ପ୍ରତିଷ୍ଠିତ ହୋଇଥିଲା । ଶିକ୍ଷଣ, ଗବେଷଣା, ଭିତ୍ତିଭୂମି ଓ ଛାତ୍ର ସହାୟତା ଭଳି ମାପକାଠି ଆଧାରରେ ଅନୁଷ୍ଠାନଗୁଡ଼ିକୁ ଗ୍ରେଡ୍ ପ୍ରଦାନ କରାଯାଏ । ରାଜ୍ୟର ଅନେକ ମହାବିଦ୍ୟାଳୟ ଓ ବିଶ୍ୱବିଦ୍ୟାଳୟ ଏବେ ମାନ୍ୟତା ପାଇଁ ପ୍ରସ୍ତୁତି କରୁଛନ୍ତି । ଅଧ୍ୟାପକ ଅଭାବ, ଗବେଷଣା ପ୍ରକାଶନର କମ୍ ସଂଖ୍ୟା ଓ ଆର୍ଥିକ ସମସ୍ୟା ଅନୁଷ୍ଠାନଗୁଡ଼ିକ ପାଇଁ ବଡ଼ ଚ୍ୟାଲେଞ୍ଜ । ଉନ୍ନତ ଗ୍ରେଡ୍
ନୀତିବାଣୀ
ସୂର୍ଯ୍ୟ ଓ ଚନ୍ଦ୍ରଙ୍କ ଆଲୋକରେ ପୃଥିବୀ ଆଲୋକିତ ହୁଏ । ସେହିପରି ଜ୍ଞାନର ଆଲୋକ ମଣିଷର ଜୀବନକୁ ଆଲୋକିତ କରେ । ସତ୍ୟ, ଧର୍ମ ଓ କର୍ତ୍ତବ୍ୟ ପଥରେ ଚାଲୁଥିବା ବ୍ୟକ୍ତି ସଦା ସମ୍ମାନିତ ହୁଏ । ଅହଂକାର ତ୍ୟାଗ କରି ବିନୟୀ ହେବା ହିଁ ପ୍ରକୃତ ମହାନତା । ମନକୁ ସଂଯତ ରଖି ପରୋପକାର କରିବା ଉଚିତ ।
ସୂର୍ଯ୍ୟ ଓ ଚନ୍ଦ୍ରଙ୍କ ଆଲୋକରେ ପୃଥିବୀ ଆଲୋକିତ ହୁଏ । ସେହିପରି ଜ୍ଞାନର ଆଲୋକ ମଣିଷର ଜୀବନକୁ ଆଲୋକିତ କରେ । ସତ୍ୟ, ଧର୍ମ ଓ କର୍ତ୍ତବ୍ୟ ପଥରେ ଚାଲୁଥିବା ବ୍ୟକ୍ତି ସଦା ସମ୍ମାନିତ ହୁଏ । ଅହଂକାର ତ୍ୟାଗ କରି ବିନୟୀ ହେବା ହିଁ ପ୍ରକୃତ ମହାନତା । ମନକୁ ସଂଯତ ରଖି ପରୋପକାର କରିବା ଉଚିତ ।
ସୂର୍ଯ୍ୟ ଓ ଚନ୍ଦ୍ରଙ୍କ ଆଲୋକରେ ପୃଥିବୀ ଆଲୋକିତ ହୁଏ । ସେହିପରି ଜ୍ଞାନର ଆଲୋକ ମଣିଷର ଜୀବନକୁ ଆଲୋକିତ କରେ । ସତ୍ୟ, ଧର୍ମ ଓ କର୍ତ୍ତବ୍ୟ ପଥରେ ଚାଲୁଥିବା ବ୍ୟକ୍ତି ସଦା ସମ୍ମାନିତ ହୁଏ । ଅହଂକାର ତ୍ୟାଗ କରି ବିନୟୀ ହେବା ହିଁ ପ୍ରକୃତ ମହାନତା । ମନକୁ ସଂଯତ ରଖି ପରୋପକାର କରିବା ଉଚିତ ।
ସୂର୍ଯ୍ୟ ଓ ଚନ୍ଦ୍ରଙ୍କ ଆଲୋକରେ ପୃଥିବୀ ଆଲୋକିତ ହୁଏ । ସେହିପରି ଜ୍ଞାନର ଆଲୋକ ମଣିଷର ଜୀବନକୁ ଆଲୋକିତ କରେ । ସତ୍ୟ, ଧର୍ମ ଓ କର୍ତ୍ତବ୍ୟ ପଥରେ ଚାଲୁଥିବା ବ୍ୟକ୍ତି ସଦା ସମ୍ମାନିତ ହୁଏ । ଅହଂକାର ତ୍ୟାଗ କରି ବିନୟୀ ହେବା ହିଁ ପ୍ରକୃତ ମହାନତା । ମନକୁ ସଂଯତ ରଖି ପରୋପକାର କରିବା ଉଚିତ ।
ସୂର୍ଯ୍ୟ ଓ ଚନ୍ଦ୍ରଙ୍କ ଆଲୋକରେ ପୃଥିବୀ ଆଲୋକିତ ହୁଏ । ସେହିପରି ଜ୍ଞାନର ଆଲୋକ ମଣିଷର ଜୀବନକୁ ଆଲୋକିତ କରେ । ସତ୍ୟ, ଧର୍ମ ଓ କର୍ତ୍ତବ୍ୟ ପଥରେ ଚାଲୁଥିବା ବ୍ୟକ୍ତି ସଦା ସମ୍ମାନିତ ହୁଏ । ଅହଂକାର ତ୍ୟାଗ କରି ବିନୟୀ ହେବା ହିଁ ପ୍ରକୃତ ମହାନତା । ମନକୁ ସଂଯତ ରଖି ପରୋପକାର କରିବା ଉଚିତ ।
କେ ନୁହେଁ ସାହା ବିପ୍ରବର, ନିଜକୁ ନିଜେ ରକ୍ଷାକର(୨)
ଆଜିର ସମାଜରେ ପ୍ରତ୍ୟେକ ବ୍ୟକ୍ତି ଅନ୍ୟର ସାହାଯ୍ୟ ଆଶା କରନ୍ତି । କିନ୍ତୁ ଶାସ୍ତ୍ର କହେ ନିଜର ଉଦ୍ଧାର ନିଜକୁ ହିଁ କରିବାକୁ ହେବ । ଆତ୍ମବିଶ୍ୱାସ, ପରିଶ୍ରମ ଓ ସଂଯମ ହିଁ ମଣିଷର ପ୍ରକୃତ ରକ୍ଷାକର୍ତ୍ତା । ଯିଏ ନିଜ ମନକୁ ଜୟ କରିପାରେ, ସେ ସମଗ୍ର ସଂସାରକୁ ଜୟ କରିପାରେ ।
ଆଜିର ସମାଜରେ ପ୍ରତ୍ୟେକ ବ୍ୟକ୍ତି ଅନ୍ୟର ସାହାଯ୍ୟ ଆଶା କରନ୍ତି । କିନ୍ତୁ ଶାସ୍ତ୍ର କହେ ନିଜର ଉଦ୍ଧାର ନିଜକୁ ହିଁ କରିବାକୁ ହେବ । ଆତ୍ମବିଶ୍ୱାସ, ପରିଶ୍ରମ ଓ ସଂଯମ ହିଁ ମଣିଷର ପ୍ରକୃତ ରକ୍ଷାକର୍ତ୍ତା । ଯିଏ ନିଜ ମନକୁ ଜୟ କରିପାରେ, ସେ ସମଗ୍ର ସଂସାରକୁ ଜୟ କରିପାରେ ।
ଆଜିର ସମାଜରେ ପ୍ରତ୍ୟେକ ବ୍ୟକ୍ତି ଅନ୍ୟର ସାହାଯ୍ୟ ଆଶା କରନ୍ତି । କିନ୍ତୁ ଶାସ୍ତ୍ର କହେ ନିଜର ଉଦ୍ଧାର ନିଜକୁ ହିଁ କରିବାକୁ ହେବ । ଆତ୍ମବିଶ୍ୱାସ, ପରିଶ୍ରମ ଓ ସଂଯମ ହିଁ ମଣିଷର ପ୍ରକୃତ ରକ୍ଷାକର୍ତ୍ତା । ଯିଏ ନିଜ ମନକୁ ଜୟ କରିପାରେ, ସେ ସମଗ୍ର ସଂସାରକୁ ଜୟ କରିପାରେ ।
ଆଜିର ସମାଜରେ ପ୍ରତ୍ୟେକ ବ୍ୟକ୍ତି ଅନ୍ୟର ସାହାଯ୍ୟ ଆଶା କରନ୍ତି । କିନ୍ତୁ ଶାସ୍ତ୍ର କହେ ନିଜର ଉଦ୍ଧାର ନିଜକୁ ହିଁ କରିବାକୁ ହେବ । ଆତ୍ମବିଶ୍ୱାସ, ପରିଶ୍ରମ ଓ ସଂଯମ ହିଁ ମଣିଷର ପ୍ରକୃତ ରକ୍ଷାକର୍ତ୍ତା । ଯିଏ ନିଜ ମନକୁ ଜୟ କରିପାରେ, ସେ ସମଗ୍ର ସଂସାରକୁ ଜୟ କରିପାରେ ।
ପଙ୍କଜ କୁମାର ପାଣିଗ୍ରାହୀ
ସେମିନାର ରୋଡ଼ (ଅପରାଜ)
ବ୍ରହ୍ମପୁର, ଗଞ୍ଜାମ-୭୬୦୦୦୧
ଦୂରଭାଷ- ୯୪୩୭୩୫୪୧୬
ଆଜିର ସମାଜରେ ପ୍ରତ୍ୟେକ ବ୍ୟକ୍ତି ଅନ୍ୟର ସାହାଯ୍ୟ ଆଶା କରନ୍ତି । କିନ୍ତୁ ଶାସ୍ତ୍ର କହେ ନିଜର ଉଦ୍ଧାର ନିଜକୁ ହିଁ କରିବାକୁ ହେବ । ଆତ୍ମବିଶ୍ୱାସ, ପରିଶ୍ରମ ଓ ସଂଯମ ହିଁ ମଣିଷର ପ୍ରକୃତ ରକ୍ଷାକର୍ତ୍ତା । ଯିଏ ନିଜ ମନକୁ ଜୟ କରିପାରେ, ସେ ସମଗ୍ର ସଂସାରକୁ ଜୟ କରିପାରେ ।
ଆଜିର ସମାଜରେ ପ୍ରତ୍ୟେକ ବ୍ୟକ୍ତି ଅନ୍ୟର ସାହାଯ୍ୟ ଆଶା କରନ୍ତି । କିନ୍ତୁ ଶାସ୍ତ୍ର କହେ ନିଜର ଉଦ୍ଧାର ନିଜକୁ ହିଁ କରିବାକୁ ହେବ । ଆତ୍ମବିଶ୍ୱାସ, ପରିଶ୍ରମ ଓ ସଂଯମ ହିଁ ମଣିଷର ପ୍ରକୃତ ରକ୍ଷାକର୍ତ୍ତା । ଯିଏ ନିଜ ମନକୁ ଜୟ କରିପାରେ, ସେ ସମଗ୍ର ସଂସାରକୁ ଜୟ କରିପାରେ ।
ଆଜିର ସମାଜରେ ପ୍ରତ୍ୟେକ ବ୍ୟକ୍ତି ଅନ୍ୟର ସାହାଯ୍ୟ ଆଶା କରନ୍ତି । କିନ୍ତୁ ଶାସ୍ତ୍ର କହେ ନିଜର ଉଦ୍ଧାର ନିଜକୁ ହିଁ କରିବାକୁ ହେବ । ଆତ୍ମବିଶ୍ୱାସ, ପରିଶ୍ରମ ଓ ସଂଯମ ହିଁ ମଣିଷର ପ୍ରକୃତ ରକ୍ଷାକର୍ତ୍ତା । ଯିଏ ନିଜ ମନକୁ ଜୟ କରିପାରେ, ସେ ସମଗ୍ର ସଂସାରକୁ ଜୟ କରିପାରେ ।
ଆଜିର ସମାଜରେ ପ୍ରତ୍ୟେକ ବ୍ୟକ୍ତି ଅନ୍ୟର ସାହାଯ୍ୟ ଆଶା କରନ୍ତି । କିନ୍ତୁ ଶାସ୍ତ୍ର କହେ ନିଜର ଉଦ୍ଧାର ନିଜକୁ ହିଁ କରିବାକୁ ହେବ । ଆତ୍ମବିଶ୍ୱାସ, ପରିଶ୍ରମ ଓ ସଂଯମ ହିଁ ମଣିଷର ପ୍ରକୃତ ରକ୍ଷାକର୍ତ୍ତା । ଯିଏ ନିଜ ମନକୁ ଜୟ କରିପାରେ, ସେ ସମଗ୍ର ସଂସାରକୁ ଜୟ କରିପାରେ ।
ଆଜିର ସମାଜରେ ପ୍ରତ୍ୟେକ ବ୍ୟକ୍ତି ଅନ୍ୟର ସାହାଯ୍ୟ ଆଶା କରନ୍ତି । କିନ୍ତୁ ଶାସ୍ତ୍ର କହେ ନିଜର ଉଦ୍ଧାର ନିଜକୁ ହିଁ କରିବାକୁ ହେବ । ଆତ୍ମବିଶ୍ୱାସ, ପରିଶ୍ରମ ଓ ସଂଯମ ହିଁ ମଣିଷର ପ୍ରକୃତ ରକ୍ଷାକର୍ତ୍ତା । ଯିଏ ନିଜ ମନକୁ ଜୟ କରିପାରେ, ସେ ସମଗ୍ର ସଂସାରକୁ ଜୟ କରିପାରେ ।
ଆଜିର ସମାଜରେ ପ୍ରତ୍ୟେକ ବ୍ୟକ୍ତି ଅନ୍ୟର ସାହାଯ୍ୟ ଆଶା କରନ୍ତି । କିନ୍ତୁ ଶାସ୍ତ୍ର କହେ ନିଜର ଉଦ୍ଧାର ନିଜକୁ ହିଁ କରିବାକୁ ହେବ । ଆତ୍ମବିଶ୍ୱାସ, ପରିଶ୍ରମ ଓ ସଂଯମ ହିଁ ମଣିଷର ପ୍ରକୃତ ରକ୍ଷାକର୍ତ୍ତା । ଯିଏ ନିଜ ମନକୁ ଜୟ କରିପାରେ, ସେ ସମଗ୍ର ସଂସାରକୁ ଜୟ କରିପାରେ ।
ଆଜିର ସମାଜରେ ପ୍ରତ୍ୟେକ ବ୍ୟକ୍ତି ଅନ୍ୟର ସାହାଯ୍ୟ ଆଶା କରନ୍ତି । କିନ୍ତୁ ଶାସ୍ତ୍ର କହେ ନିଜର ଉଦ୍ଧାର ନିଜକୁ ହିଁ କରିବାକୁ ହେବ । ଆତ୍ମବିଶ୍ୱାସ, ପରିଶ୍ରମ ଓ ସଂଯମ ହିଁ ମଣିଷର ପ୍ରକୃତ ରକ୍ଷାକର୍ତ୍ତା । ଯିଏ ନିଜ ମନକୁ ଜୟ କରିପାରେ, ସେ ସମଗ୍ର ସଂସାରକୁ ଜୟ କରିପାରେ ।
ପରଫେକ୍ଟ ବିଦ୍ରୋହୀମାନେ
ମୋ ବିଦ୍ରୁପରେ କାର୍ଯ୍ୟାନୁଷ୍ଠାନ ଗ୍ରହଣ କରିବାକୁ ଧମକ ଦେଉଥିଲେ ସେମାନେ । ସେମାନେ ଯାହା କରିବାକୁ ଚାହାଁନ୍ତି ମୁଁ ତାହା କରେ ନାହିଁ କିନ୍ତୁ ସେମାନଙ୍କ ବିଦ୍ରୋହ ମୋତେ ନୂଆ ଶିକ୍ଷା ଦେଇଛି ।
ମୋ ବିଦ୍ରୁପରେ କାର୍ଯ୍ୟାନୁଷ୍ଠାନ ଗ୍ରହଣ କରିବାକୁ ଧମକ ଦେଉଥିଲେ ସେମାନେ । ସେମାନେ ଯାହା କରିବାକୁ ଚାହାଁନ୍ତି ମୁଁ ତାହା କରେ ନାହିଁ କିନ୍ତୁ ସେମାନଙ୍କ ବିଦ୍ରୋହ ମୋତେ ନୂଆ ଶିକ୍ଷା ଦେଇଛି ।
ଶୁଭ ବିଦାୟ
କବିତାର ସମୟ ଶୁଭ ବିଦାୟ, ଯାହାକୁ ମୁଁ ଅଧିକ ଭଲପାଏ, ଏକ ବିଦାୟ ଯାହା ମୋ ହୃଦୟକୁ କେତେ ଖଣ୍ଡରେ ଭାଙ୍ଗି ଦେଇପାରେ, ଏକ ବିଦାୟ ଯାହା ମୋତେ ମନେ ପକାଇଦିଏ ସବୁ ପୁରୁଣା ସ୍ମୃତି । ତଥାପି ଆଶା ରହିଛି ପୁଣି ଦେଖା ହେବ ।
କବିତାର ସମୟ ଶୁଭ ବିଦାୟ, ଯାହାକୁ ମୁଁ ଅଧିକ ଭଲପାଏ, ଏକ ବିଦାୟ ଯାହା ମୋ ହୃଦୟକୁ କେତେ ଖଣ୍ଡରେ ଭାଙ୍ଗି ଦେଇପାରେ, ଏକ ବିଦାୟ ଯାହା ମୋତେ ମନେ ପକାଇଦିଏ ସବୁ ପୁରୁଣା ସ୍ମୃତି । ତଥାପି ଆଶା ରହିଛି ପୁଣି ଦେଖା ହେବ ।
- ନିମାସ୍,
ମୋ- ୯୩୪୮୪୩୯୭୮୩
